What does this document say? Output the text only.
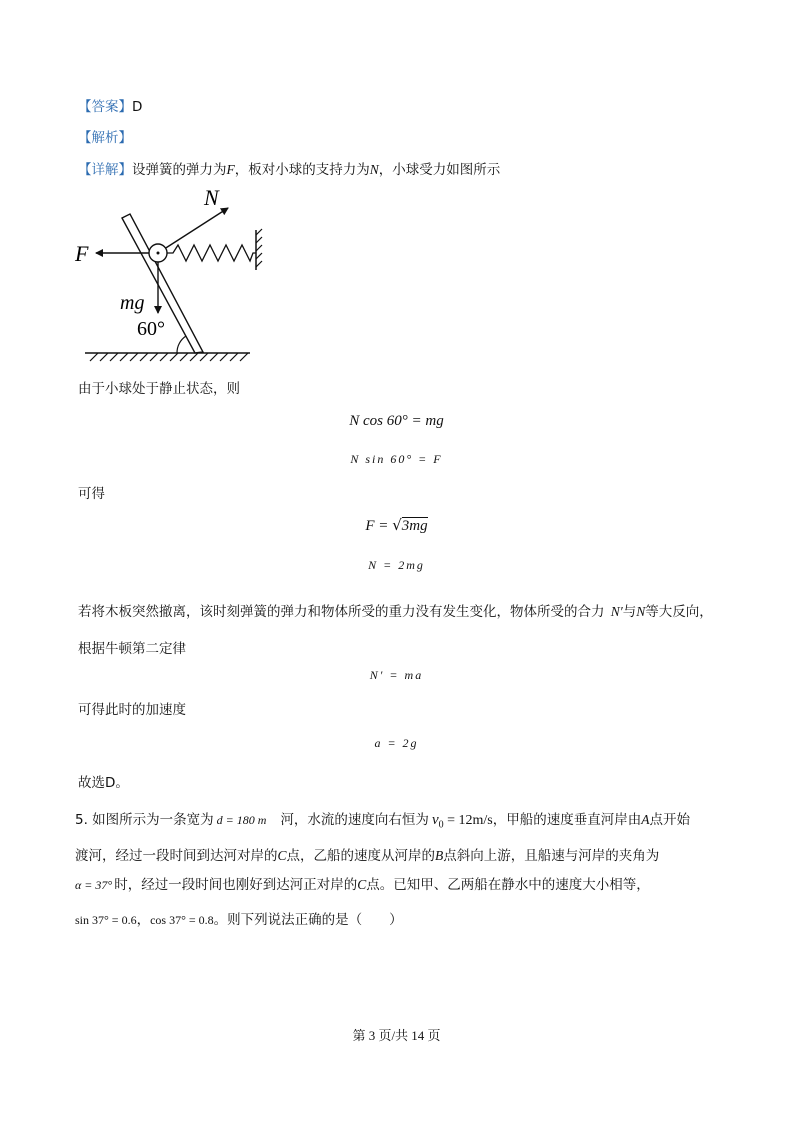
【答案】D
【解析】
【详解】设弹簧的弹力为F，板对小球的支持力为N，小球受力如图所示
N
F
mg
60°
由于小球处于静止状态，则
N cos 60° = mg
N sin 60° = F
可得
F = √3mg
N = 2mg
若将木板突然撤离，该时刻弹簧的弹力和物体所受的重力没有发生变化，物体所受的合力 N′与N等大反向，
根据牛顿第二定律
N′ = ma
可得此时的加速度
a = 2g
故选D。
5. 如图所示为一条宽为 d = 180 m 河，水流的速度向右恒为 $v_0 = 12m/s$，甲船的速度垂直河岸由A点开始
渡河，经过一段时间到达河对岸的C点，乙船的速度从河岸的B点斜向上游，且船速与河岸的夹角为
α = 37° 时，经过一段时间也刚好到达河正对岸的C点。已知甲、乙两船在静水中的速度大小相等，
sin 37° = 0.6，cos 37° = 0.8。则下列说法正确的是（　　）
第 3 页/共 14 页
